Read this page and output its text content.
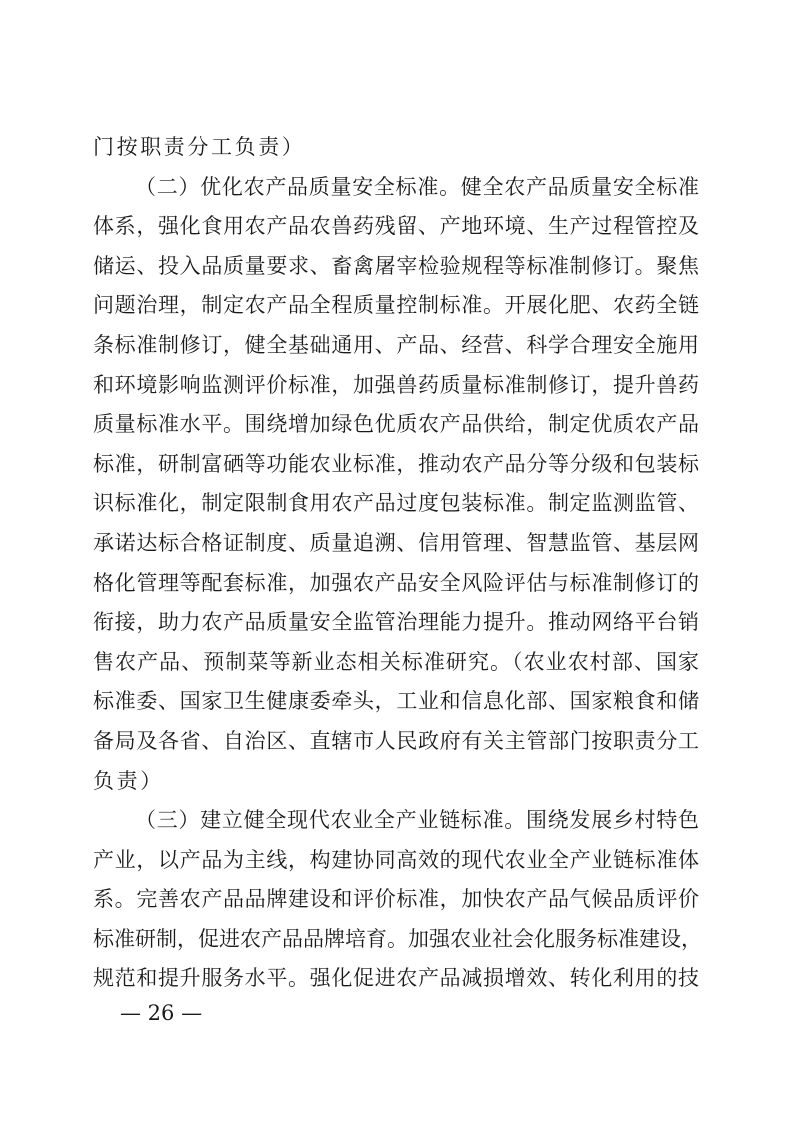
门按职责分工负责）
（二）优化农产品质量安全标准。健全农产品质量安全标准
体系，强化食用农产品农兽药残留、产地环境、生产过程管控及
储运、投入品质量要求、畜禽屠宰检验规程等标准制修订。聚焦
问题治理，制定农产品全程质量控制标准。开展化肥、农药全链
条标准制修订，健全基础通用、产品、经营、科学合理安全施用
和环境影响监测评价标准，加强兽药质量标准制修订，提升兽药
质量标准水平。围绕增加绿色优质农产品供给，制定优质农产品
标准，研制富硒等功能农业标准，推动农产品分等分级和包装标
识标准化，制定限制食用农产品过度包装标准。制定监测监管、
承诺达标合格证制度、质量追溯、信用管理、智慧监管、基层网
格化管理等配套标准，加强农产品安全风险评估与标准制修订的
衔接，助力农产品质量安全监管治理能力提升。推动网络平台销
售农产品、预制菜等新业态相关标准研究。（农业农村部、国家
标准委、国家卫生健康委牵头，工业和信息化部、国家粮食和储
备局及各省、自治区、直辖市人民政府有关主管部门按职责分工
负责）
（三）建立健全现代农业全产业链标准。围绕发展乡村特色
产业，以产品为主线，构建协同高效的现代农业全产业链标准体
系。完善农产品品牌建设和评价标准，加快农产品气候品质评价
标准研制，促进农产品品牌培育。加强农业社会化服务标准建设，
规范和提升服务水平。强化促进农产品减损增效、转化利用的技
— 26 —
